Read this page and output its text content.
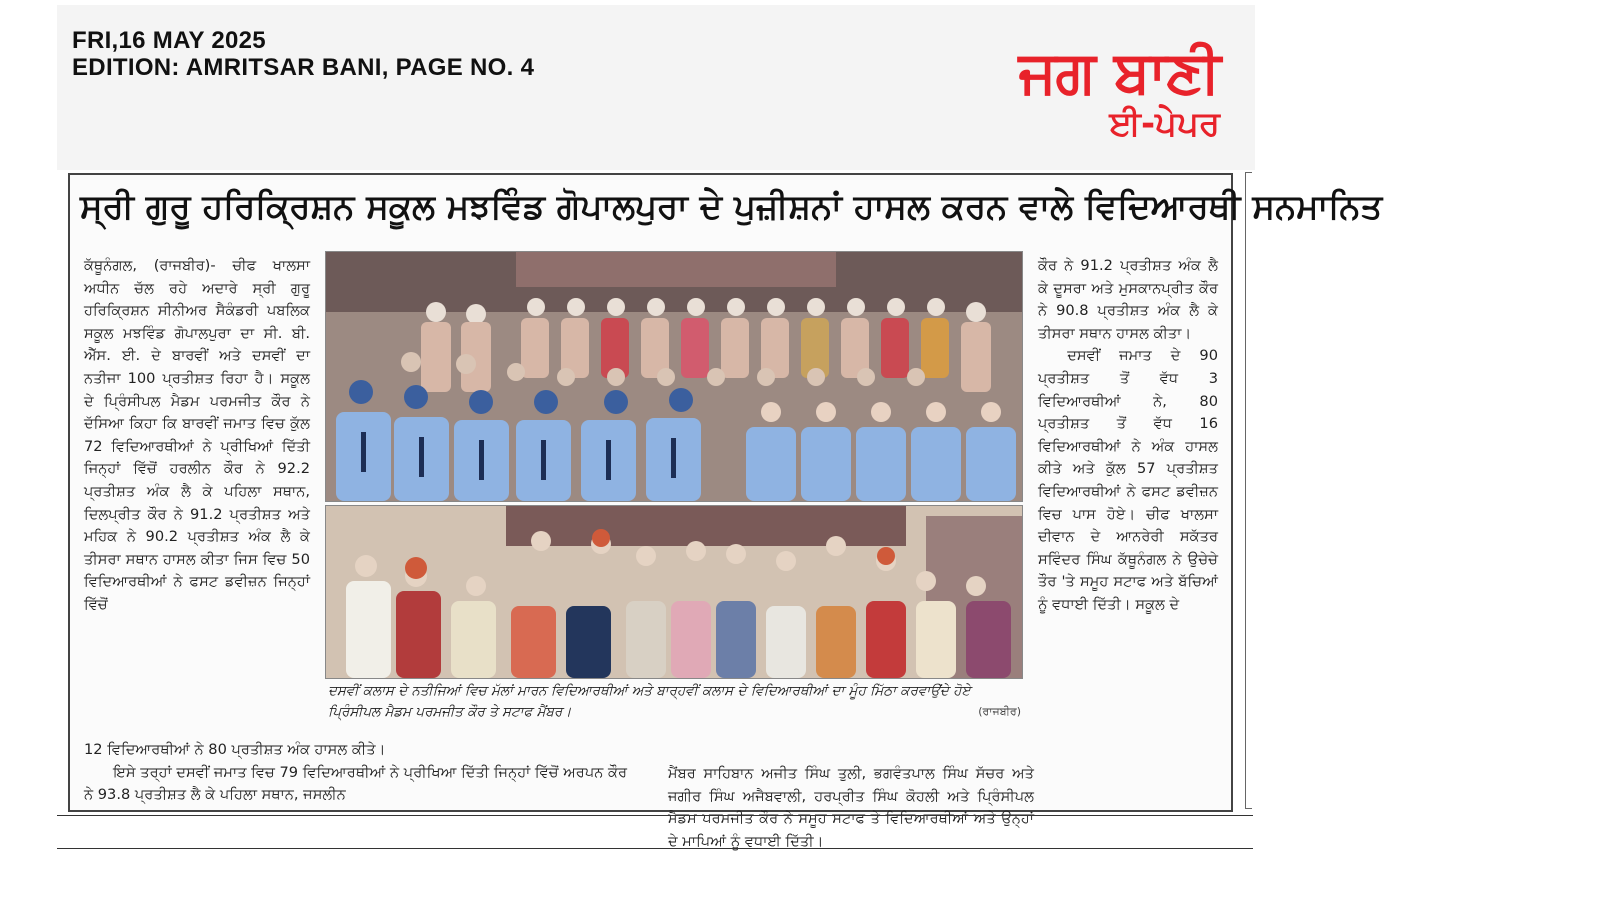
FRI,16 MAY 2025
EDITION: AMRITSAR BANI, PAGE NO. 4	ਜਗ ਬਾਣੀ
ਈ-ਪੇਪਰ
ਸ੍ਰੀ ਗੁਰੂ ਹਰਿਕ੍ਰਿਸ਼ਨ ਸਕੂਲ ਮਝਵਿੰਡ ਗੋਪਾਲਪੁਰਾ ਦੇ ਪੁਜ਼ੀਸ਼ਨਾਂ ਹਾਸਲ ਕਰਨ ਵਾਲੇ ਵਿਦਿਆਰਥੀ ਸਨਮਾਨਿਤ

ਕੱਥੂਨੰਗਲ, (ਰਾਜਬੀਰ)- ਚੀਫ ਖਾਲਸਾ ਅਧੀਨ ਚੱਲ ਰਹੇ ਅਦਾਰੇ ਸ੍ਰੀ ਗੁਰੂ ਹਰਿਕ੍ਰਿਸ਼ਨ ਸੀਨੀਅਰ ਸੈਕੰਡਰੀ ਪਬਲਿਕ ਸਕੂਲ ਮਝਵਿੰਡ ਗੋਪਾਲਪੁਰਾ ਦਾ ਸੀ. ਬੀ. ਐੱਸ. ਈ. ਦੇ ਬਾਰਵੀਂ ਅਤੇ ਦਸਵੀਂ ਦਾ ਨਤੀਜਾ 100 ਪ੍ਰਤੀਸ਼ਤ ਰਿਹਾ ਹੈ। ਸਕੂਲ ਦੇ ਪ੍ਰਿੰਸੀਪਲ ਮੈਡਮ ਪਰਮਜੀਤ ਕੌਰ ਨੇ ਦੱਸਿਆ ਕਿਹਾ ਕਿ ਬਾਰਵੀਂ ਜਮਾਤ ਵਿਚ ਕੁੱਲ 72 ਵਿਦਿਆਰਥੀਆਂ ਨੇ ਪ੍ਰੀਖਿਆਂ ਦਿੱਤੀ ਜਿਨ੍ਹਾਂ ਵਿੱਚੋਂ ਹਰਲੀਨ ਕੌਰ ਨੇ 92.2 ਪ੍ਰਤੀਸ਼ਤ ਅੰਕ ਲੈ ਕੇ ਪਹਿਲਾ ਸਥਾਨ, ਦਿਲਪ੍ਰੀਤ ਕੌਰ ਨੇ 91.2 ਪ੍ਰਤੀਸ਼ਤ ਅਤੇ ਮਹਿਕ ਨੇ 90.2 ਪ੍ਰਤੀਸ਼ਤ ਅੰਕ ਲੈ ਕੇ ਤੀਸਰਾ ਸਥਾਨ ਹਾਸਲ ਕੀਤਾ ਜਿਸ ਵਿਚ 50 ਵਿਦਿਆਰਥੀਆਂ ਨੇ ਫਸਟ ਡਵੀਜ਼ਨ ਜਿਨ੍ਹਾਂ ਵਿੱਚੋਂ

ਦਸਵੀਂ ਕਲਾਸ ਦੇ ਨਤੀਜਿਆਂ ਵਿਚ ਮੱਲਾਂ ਮਾਰਨ ਵਿਦਿਆਰਥੀਆਂ ਅਤੇ ਬਾਰ੍ਹਵੀਂ ਕਲਾਸ ਦੇ ਵਿਦਿਆਰਥੀਆਂ ਦਾ ਮੂੰਹ ਮਿੱਠਾ ਕਰਵਾਉਂਦੇ ਹੋਏ ਪ੍ਰਿੰਸੀਪਲ ਮੈਡਮ ਪਰਮਜੀਤ ਕੌਰ ਤੇ ਸਟਾਫ ਮੈਂਬਰ।	(ਰਾਜਬੀਰ)

ਕੌਰ ਨੇ 91.2 ਪ੍ਰਤੀਸ਼ਤ ਅੰਕ ਲੈ ਕੇ ਦੂਸਰਾ ਅਤੇ ਮੁਸਕਾਨਪ੍ਰੀਤ ਕੌਰ ਨੇ 90.8 ਪ੍ਰਤੀਸ਼ਤ ਅੰਕ ਲੈ ਕੇ ਤੀਸਰਾ ਸਥਾਨ ਹਾਸਲ ਕੀਤਾ।

ਦਸਵੀਂ ਜਮਾਤ ਦੇ 90 ਪ੍ਰਤੀਸ਼ਤ ਤੋਂ ਵੱਧ 3 ਵਿਦਿਆਰਥੀਆਂ ਨੇ, 80 ਪ੍ਰਤੀਸ਼ਤ ਤੋਂ ਵੱਧ 16 ਵਿਦਿਆਰਥੀਆਂ ਨੇ ਅੰਕ ਹਾਸਲ ਕੀਤੇ ਅਤੇ ਕੁੱਲ 57 ਪ੍ਰਤੀਸ਼ਤ ਵਿਦਿਆਰਥੀਆਂ ਨੇ ਫਸਟ ਡਵੀਜ਼ਨ ਵਿਚ ਪਾਸ ਹੋਏ। ਚੀਫ ਖਾਲਸਾ ਦੀਵਾਨ ਦੇ ਆਨਰੇਰੀ ਸਕੱਤਰ ਸਵਿੰਦਰ ਸਿੰਘ ਕੱਥੂਨੰਗਲ ਨੇ ਉਚੇਚੇ ਤੌਰ 'ਤੇ ਸਮੂਹ ਸਟਾਫ ਅਤੇ ਬੱਚਿਆਂ ਨੂੰ ਵਧਾਈ ਦਿੱਤੀ। ਸਕੂਲ ਦੇ

12 ਵਿਦਿਆਰਥੀਆਂ ਨੇ 80 ਪ੍ਰਤੀਸ਼ਤ ਅੰਕ ਹਾਸਲ ਕੀਤੇ।

ਇਸੇ ਤਰ੍ਹਾਂ ਦਸਵੀਂ ਜਮਾਤ ਵਿਚ 79 ਵਿਦਿਆਰਥੀਆਂ ਨੇ ਪ੍ਰੀਖਿਆ ਦਿੱਤੀ ਜਿਨ੍ਹਾਂ ਵਿੱਚੋਂ ਅਰਪਨ ਕੌਰ ਨੇ 93.8 ਪ੍ਰਤੀਸ਼ਤ ਲੈ ਕੇ ਪਹਿਲਾ ਸਥਾਨ, ਜਸਲੀਨ

ਮੈਂਬਰ ਸਾਹਿਬਾਨ ਅਜੀਤ ਸਿੰਘ ਤੁਲੀ, ਭਗਵੰਤਪਾਲ ਸਿੰਘ ਸੱਚਰ ਅਤੇ ਜਗੀਰ ਸਿੰਘ ਅਜੈਬਵਾਲੀ, ਹਰਪ੍ਰੀਤ ਸਿੰਘ ਕੋਹਲੀ ਅਤੇ ਪ੍ਰਿੰਸੀਪਲ ਮੈਡਮ ਪਰਮਜੀਤ ਕੌਰ ਨੇ ਸਮੂਹ ਸਟਾਫ ਤੇ ਵਿਦਿਆਰਥੀਆਂ ਅਤੇ ਉਨ੍ਹਾਂ ਦੇ ਮਾਪਿਆਂ ਨੂੰ ਵਧਾਈ ਦਿੱਤੀ।
